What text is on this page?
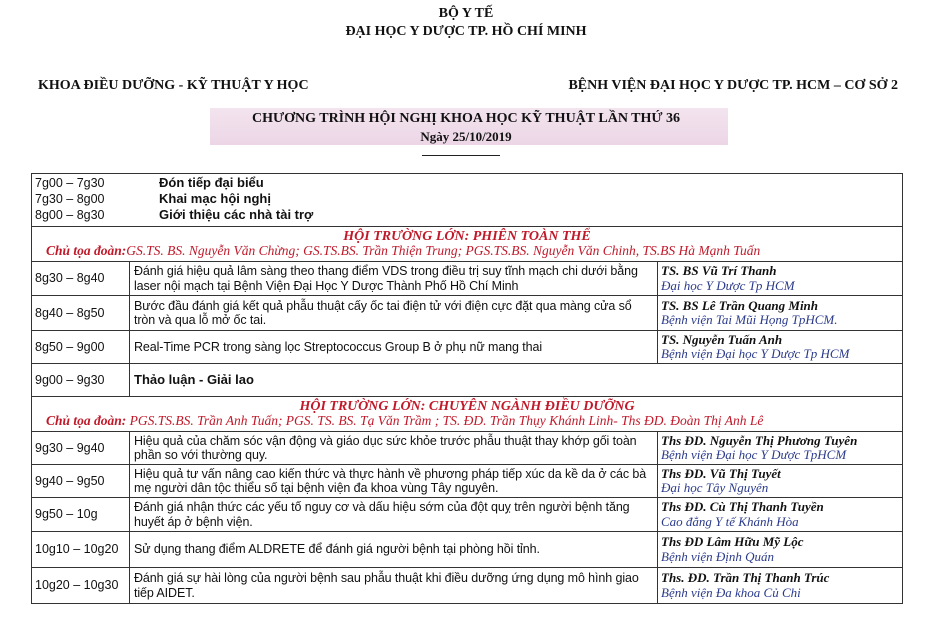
BỘ Y TẾ
ĐẠI HỌC Y DƯỢC TP. HỒ CHÍ MINH
KHOA ĐIỀU DƯỠNG - KỸ THUẬT Y HỌC	BỆNH VIỆN ĐẠI HỌC Y DƯỢC TP. HCM – CƠ SỞ 2
CHƯƠNG TRÌNH HỘI NGHỊ KHOA HỌC KỸ THUẬT LẦN THỨ 36
Ngày 25/10/2019
7g00 – 7g30 Đón tiếp đại biểu
7g30 – 8g00 Khai mạc hội nghị
8g00 – 8g30 Giới thiệu các nhà tài trợ		

HỘI TRƯỜNG LỚN: PHIÊN TOÀN THỂ
Chủ tọa đoàn:GS.TS. BS. Nguyễn Văn Chừng; GS.TS.BS. Trần Thiện Trung; PGS.TS.BS. Nguyễn Văn Chinh, TS.BS Hà Mạnh Tuấn		

8g30 – 8g40	Đánh giá hiệu quả lâm sàng theo thang điểm VDS trong điều trị suy tĩnh mạch chi dưới bằng laser nội mạch tại Bệnh Viện Đại Học Y Dược Thành Phố Hồ Chí Minh	TS. BS Vũ Trí Thanh
Đại học Y Dược Tp HCM

8g40 – 8g50	Bước đầu đánh giá kết quả phẫu thuật cấy ốc tai điện tử với điện cực đặt qua màng cửa sổ tròn và qua lỗ mở ốc tai.	TS. BS Lê Trần Quang Minh
Bệnh viện Tai Mũi Họng TpHCM.

8g50 – 9g00	Real-Time PCR trong sàng lọc Streptococcus Group B ở phụ nữ mang thai	TS. Nguyễn Tuấn Anh
Bệnh viện Đại học Y Dược Tp HCM

9g00 – 9g30	Thảo luận - Giải lao	

HỘI TRƯỜNG LỚN: CHUYÊN NGÀNH ĐIỀU DƯỠNG
Chủ tọa đoàn: PGS.TS.BS. Trần Anh Tuấn; PGS. TS. BS. Tạ Văn Trầm ; TS. ĐD. Trần Thụy Khánh Linh- Ths ĐD. Đoàn Thị Anh Lê		

9g30 – 9g40	Hiệu quả của chăm sóc vận động và giáo dục sức khỏe trước phẫu thuật thay khớp gối toàn phần so với thường quy.	Ths ĐD. Nguyễn Thị Phương Tuyên
Bệnh viện Đại học Y Dược TpHCM

9g40 – 9g50	Hiệu quả tư vấn nâng cao kiến thức và thực hành về phương pháp tiếp xúc da kề da ở các bà mẹ người dân tộc thiểu số tại bệnh viện đa khoa vùng Tây nguyên.	Ths ĐD. Vũ Thị Tuyết
Đại học Tây Nguyên

9g50 – 10g	Đánh giá nhận thức các yếu tố nguy cơ và dấu hiệu sớm của đột quỵ trên người bệnh tăng huyết áp ở bệnh viện.	Ths ĐD. Cù Thị Thanh Tuyền
Cao đẳng Y tế Khánh Hòa

10g10 – 10g20	Sử dụng thang điểm ALDRETE để đánh giá người bệnh tại phòng hồi tỉnh.	Ths ĐD Lâm Hữu Mỹ Lộc
Bệnh viện Định Quán

10g20 – 10g30	Đánh giá sự hài lòng của người bệnh sau phẫu thuật khi điều dưỡng ứng dụng mô hình giao tiếp AIDET.	Ths. ĐD. Trần Thị Thanh Trúc
Bệnh viện Đa khoa Củ Chi
